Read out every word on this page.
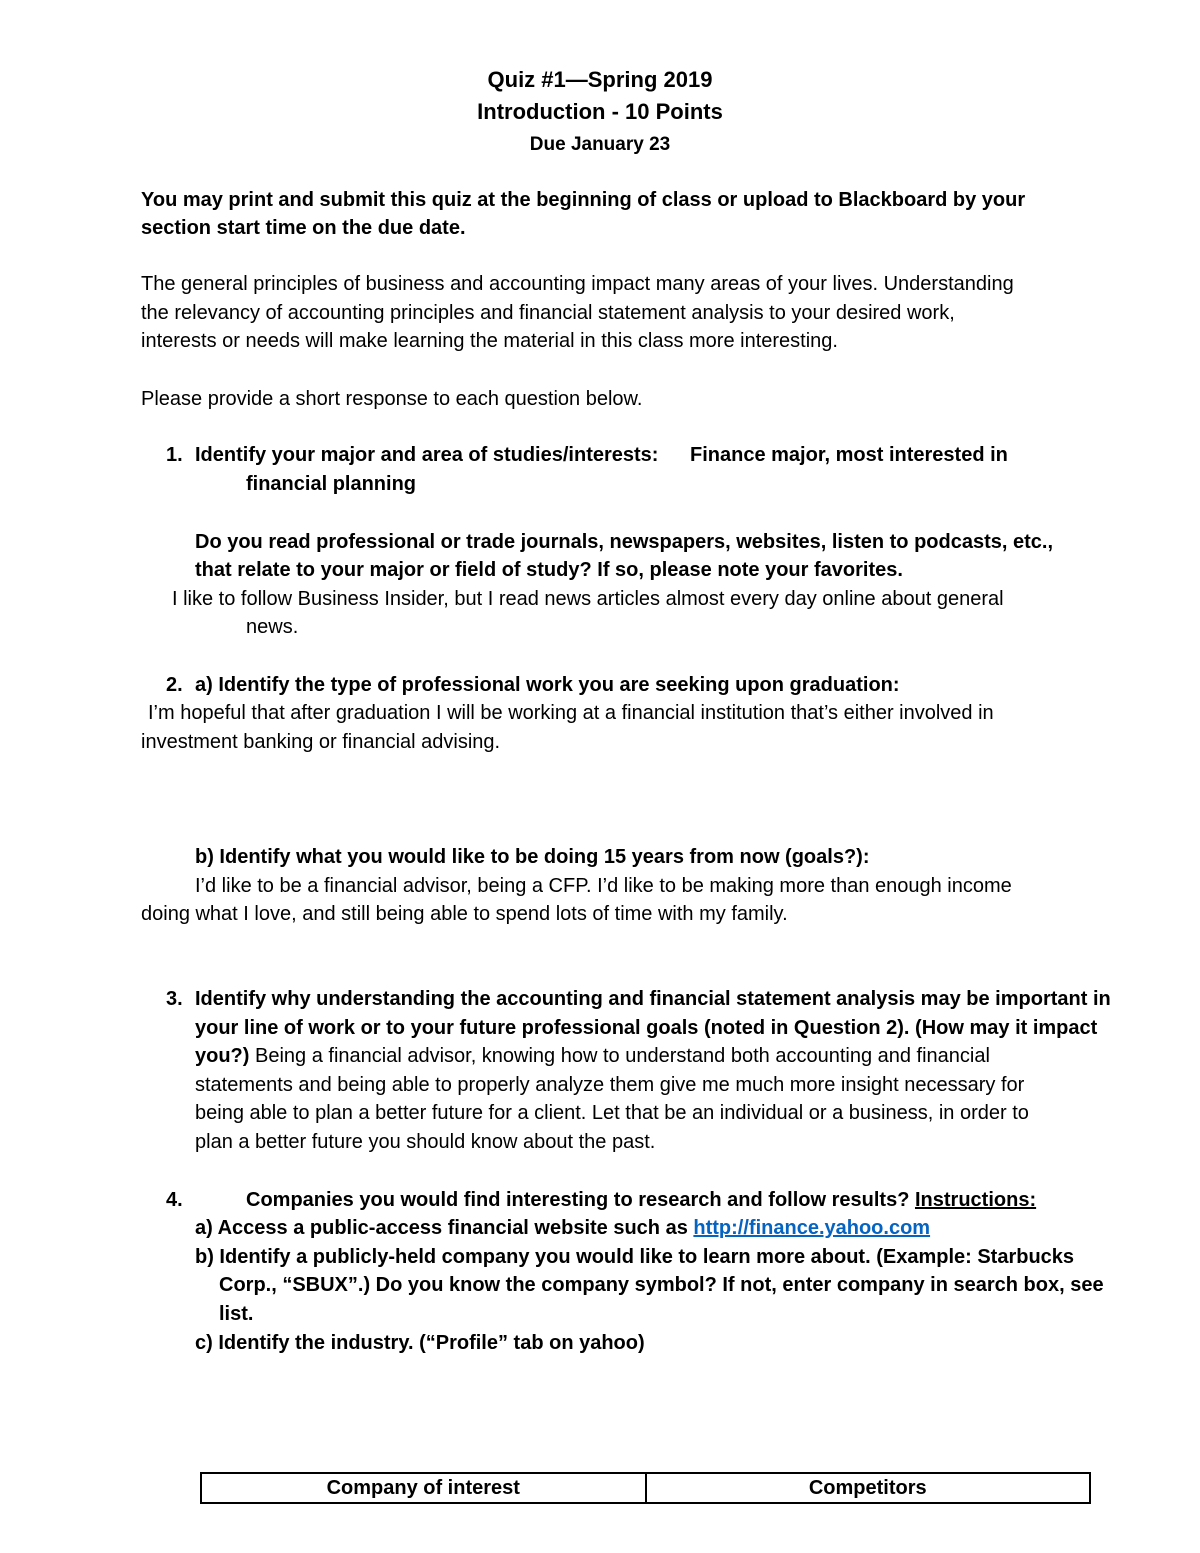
Quiz #1—Spring 2019
Introduction - 10 Points
Due January 23
You may print and submit this quiz at the beginning of class or upload to Blackboard by your
section start time on the due date.
The general principles of business and accounting impact many areas of your lives. Understanding
the relevancy of accounting principles and financial statement analysis to your desired work,
interests or needs will make learning the material in this class more interesting.
Please provide a short response to each question below.
1. Identify your major and area of studies/interests: Finance major, most interested in
financial planning
Do you read professional or trade journals, newspapers, websites, listen to podcasts, etc.,
that relate to your major or field of study? If so, please note your favorites.
I like to follow Business Insider, but I read news articles almost every day online about general
news.
2. a) Identify the type of professional work you are seeking upon graduation:
I’m hopeful that after graduation I will be working at a financial institution that’s either involved in
investment banking or financial advising.
b) Identify what you would like to be doing 15 years from now (goals?):
I’d like to be a financial advisor, being a CFP. I’d like to be making more than enough income
doing what I love, and still being able to spend lots of time with my family.
3. Identify why understanding the accounting and financial statement analysis may be important in
your line of work or to your future professional goals (noted in Question 2). (How may it impact
you?) Being a financial advisor, knowing how to understand both accounting and financial
statements and being able to properly analyze them give me much more insight necessary for
being able to plan a better future for a client. Let that be an individual or a business, in order to
plan a better future you should know about the past.
4.	Companies you would find interesting to research and follow results? Instructions:
a) Access a public-access financial website such as http://finance.yahoo.com
b) Identify a publicly-held company you would like to learn more about. (Example: Starbucks
Corp., “SBUX”.) Do you know the company symbol? If not, enter company in search box, see
list.
c) Identify the industry. (“Profile” tab on yahoo)
Company of interest	Competitors
